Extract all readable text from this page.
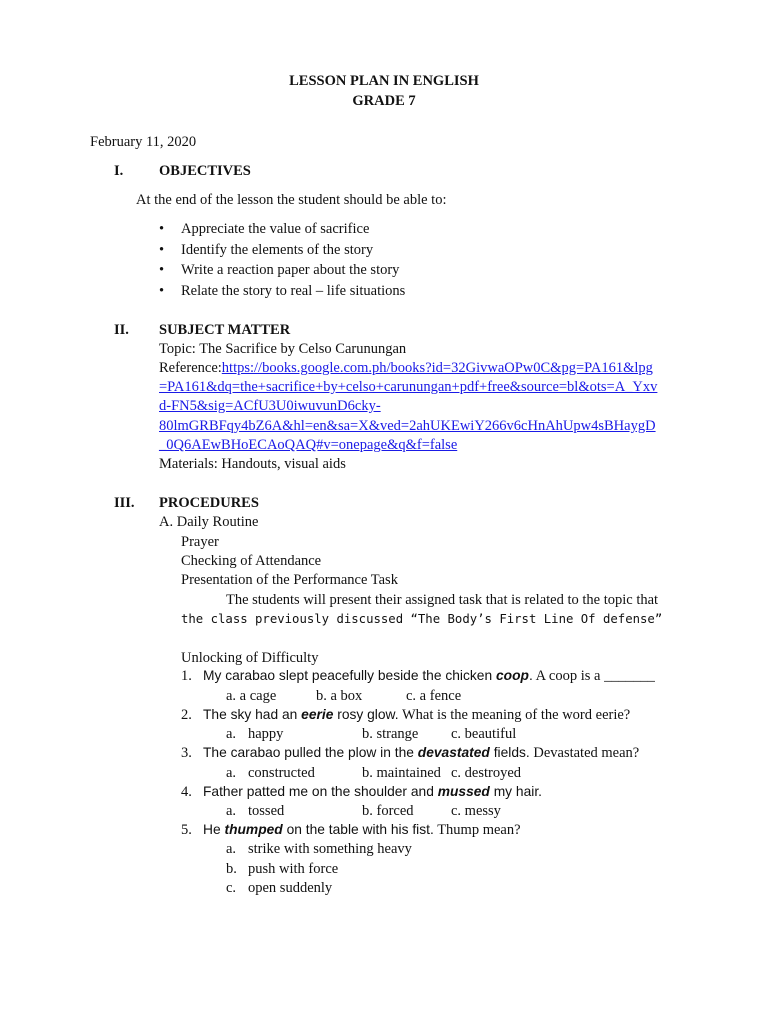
LESSON PLAN IN ENGLISH
GRADE 7
February 11, 2020
I. OBJECTIVES
At the end of the lesson the student should be able to:
• Appreciate the value of sacrifice
• Identify the elements of the story
• Write a reaction paper about the story
• Relate the story to real – life situations
II. SUBJECT MATTER
Topic: The Sacrifice by Celso Carunungan
Reference:https://books.google.com.ph/books?id=32GivwaOPw0C&pg=PA161&lpg
=PA161&dq=the+sacrifice+by+celso+carunungan+pdf+free&source=bl&ots=A_Yxv
d-FN5&sig=ACfU3U0iwuvunD6cky-
80lmGRBFqy4bZ6A&hl=en&sa=X&ved=2ahUKEwiY266v6cHnAhUpw4sBHaygD
_0Q6AEwBHoECAoQAQ#v=onepage&q&f=false
Materials: Handouts, visual aids
III. PROCEDURES
A. Daily Routine
Prayer
Checking of Attendance
Presentation of the Performance Task
The students will present their assigned task that is related to the topic that
the class previously discussed “The Body’s First Line Of defense”
Unlocking of Difficulty
1. My carabao slept peacefully beside the chicken coop. A coop is a _______
a. a cage	b. a box	c. a fence
2. The sky had an eerie rosy glow. What is the meaning of the word eerie?
a. happy	b. strange c. beautiful
3. The carabao pulled the plow in the devastated fields. Devastated mean?
a. constructed	b. maintained c. destroyed
4. Father patted me on the shoulder and mussed my hair.
a. tossed	b. forced	c. messy
5. He thumped on the table with his fist. Thump mean?
a. strike with something heavy
b. push with force
c. open suddenly
